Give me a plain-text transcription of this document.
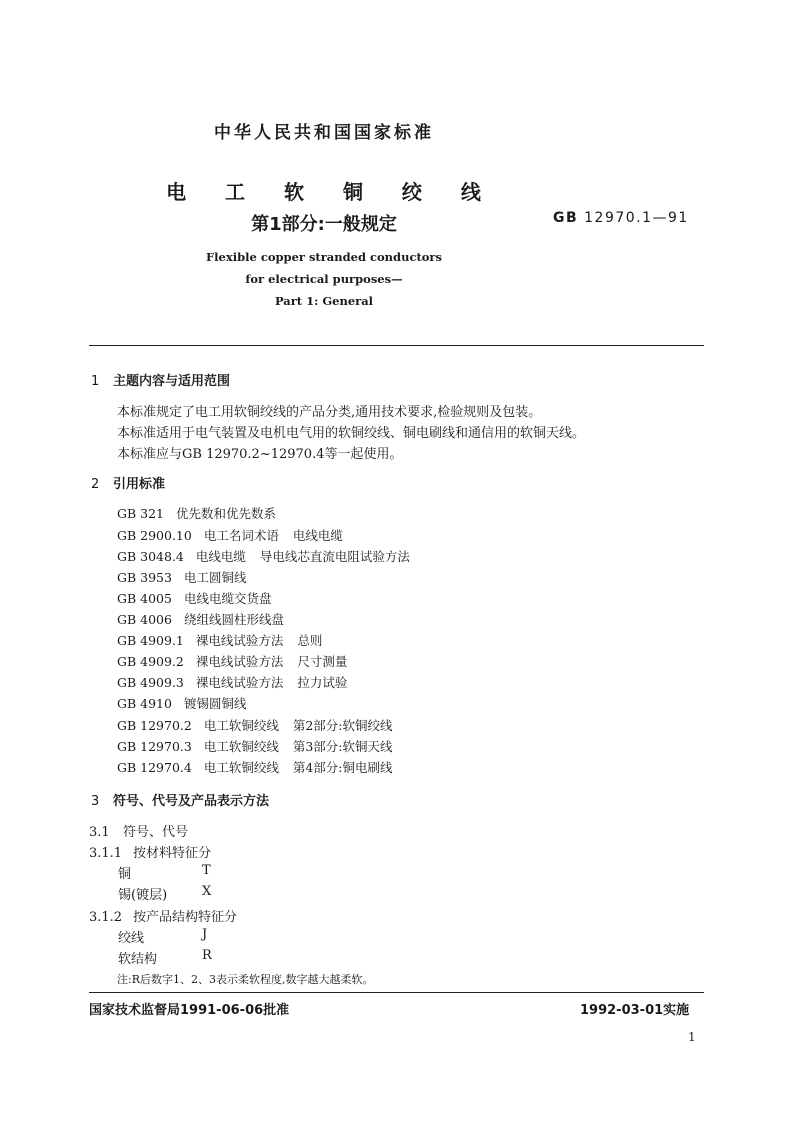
中华人民共和国国家标准
电 工 软 铜 绞 线
第1部分:一般规定	GB 12970.1—91
Flexible copper stranded conductors
for electrical purposes—
Part 1: General
1 主题内容与适用范围
本标准规定了电工用软铜绞线的产品分类,通用技术要求,检验规则及包装。
本标准适用于电气装置及电机电气用的软铜绞线、铜电刷线和通信用的软铜天线。
本标准应与GB 12970.2~12970.4等一起使用。
2 引用标准
GB 321 优先数和优先数系
GB 2900.10 电工名词术语 电线电缆
GB 3048.4 电线电缆 导电线芯直流电阻试验方法
GB 3953 电工圆铜线
GB 4005 电线电缆交货盘
GB 4006 绕组线圆柱形线盘
GB 4909.1 裸电线试验方法 总则
GB 4909.2 裸电线试验方法 尺寸测量
GB 4909.3 裸电线试验方法 拉力试验
GB 4910 镀锡圆铜线
GB 12970.2 电工软铜绞线 第2部分:软铜绞线
GB 12970.3 电工软铜绞线 第3部分:软铜天线
GB 12970.4 电工软铜绞线 第4部分:铜电刷线
3 符号、代号及产品表示方法
3.1 符号、代号
3.1.1 按材料特征分
铜	T
锡(镀层)	X
3.1.2 按产品结构特征分
绞线	J
软结构	R
注:R后数字1、2、3表示柔软程度,数字越大越柔软。
国家技术监督局1991-06-06批准	1992-03-01实施
1
